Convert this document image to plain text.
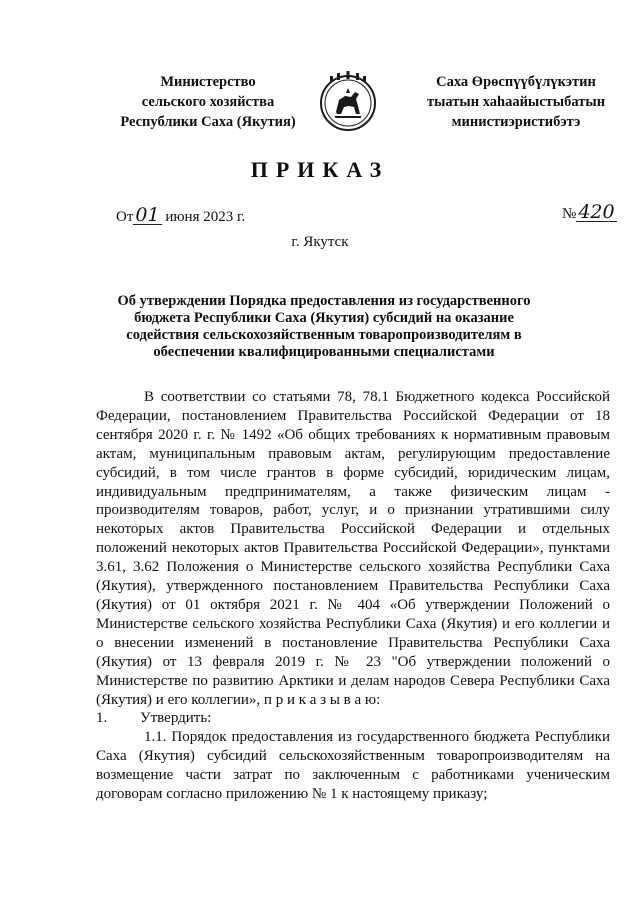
Министерство
сельского хозяйства
Республики Саха (Якутия)
Саха Өрөспүүбүлүкэтин
тыатын хаһаайыстыбатын
министиэристибэтэ
ПРИКАЗ
От 01 июня 2023 г.	№ 420
г. Якутск
Об утверждении Порядка предоставления из государственного бюджета Республики Саха (Якутия) субсидий на оказание содействия сельскохозяйственным товаропроизводителям в обеспечении квалифицированными специалистами

В соответствии со статьями 78, 78.1 Бюджетного кодекса Российской Федерации, постановлением Правительства Российской Федерации от 18 сентября 2020 г. г. № 1492 «Об общих требованиях к нормативным правовым актам, муниципальным правовым актам, регулирующим предоставление субсидий, в том числе грантов в форме субсидий, юридическим лицам, индивидуальным предпринимателям, а также физическим лицам - производителям товаров, работ, услуг, и о признании утратившими силу некоторых актов Правительства Российской Федерации и отдельных положений некоторых актов Правительства Российской Федерации», пунктами 3.61, 3.62 Положения о Министерстве сельского хозяйства Республики Саха (Якутия), утвержденного постановлением Правительства Республики Саха (Якутия) от 01 октября 2021 г. № 404 «Об утверждении Положений о Министерстве сельского хозяйства Республики Саха (Якутия) и его коллегии и о внесении изменений в постановление Правительства Республики Саха (Якутия) от 13 февраля 2019 г. № 23 "Об утверждении положений о Министерстве по развитию Арктики и делам народов Севера Республики Саха (Якутия) и его коллегии», п р и к а з ы в а ю:

1. Утвердить:

1.1. Порядок предоставления из государственного бюджета Республики Саха (Якутия) субсидий сельскохозяйственным товаропроизводителям на возмещение части затрат по заключенным с работниками ученическим договорам согласно приложению № 1 к настоящему приказу;
